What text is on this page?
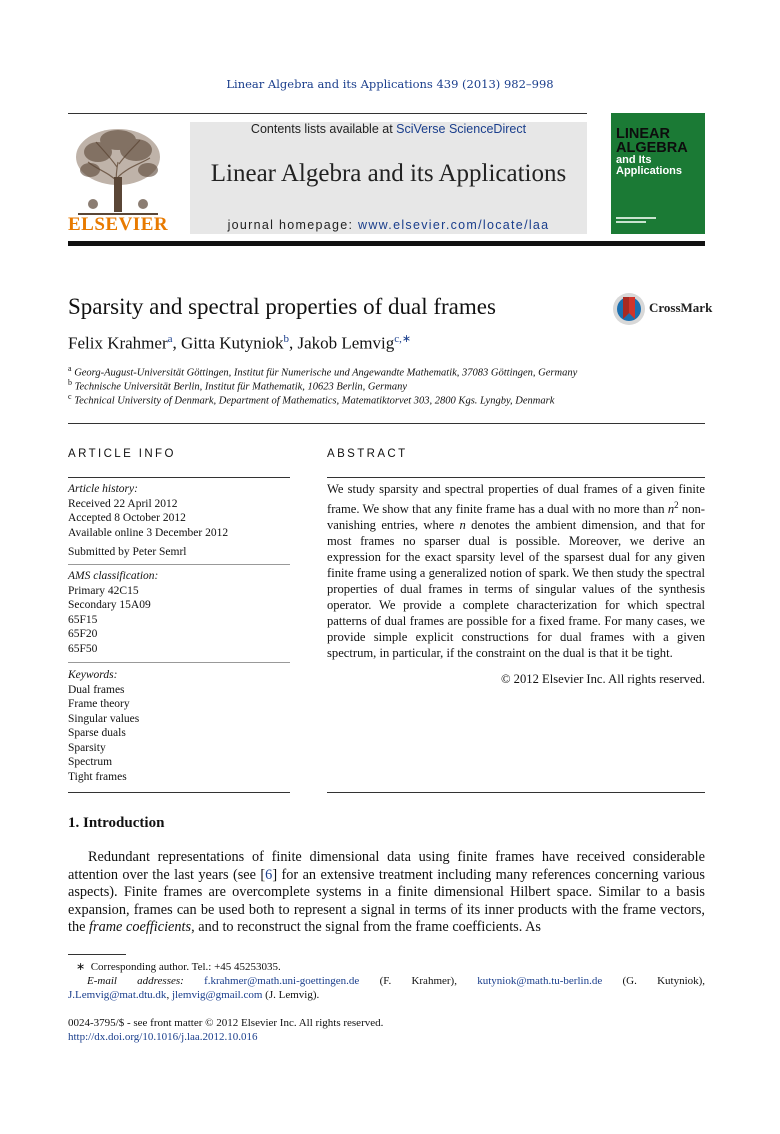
Linear Algebra and its Applications 439 (2013) 982–998
ELSEVIER
Contents lists available at SciVerse ScienceDirect
Linear Algebra and its Applications
journal homepage: www.elsevier.com/locate/laa
LINEAR
ALGEBRA
and Its
Applications
Sparsity and spectral properties of dual frames	CrossMark
Felix Krahmer$^a$, Gitta Kutyniok$^b$, Jakob Lemvig$^{c,∗}$
$^a$ Georg-August-Universität Göttingen, Institut für Numerische und Angewandte Mathematik, 37083 Göttingen, Germany
$^b$ Technische Universität Berlin, Institut für Mathematik, 10623 Berlin, Germany
$^c$ Technical University of Denmark, Department of Mathematics, Matematiktorvet 303, 2800 Kgs. Lyngby, Denmark
ARTICLE INFO
Article history:
Received 22 April 2012
Accepted 8 October 2012
Available online 3 December 2012
Submitted by Peter Semrl
AMS classification:
Primary 42C15
Secondary 15A09
65F15
65F20
65F50
Keywords:
Dual frames
Frame theory
Singular values
Sparse duals
Sparsity
Spectrum
Tight frames
ABSTRACT
We study sparsity and spectral properties of dual frames of a given finite frame. We show that any finite frame has a dual with no more than $n^2$ non-vanishing entries, where n denotes the ambient dimension, and that for most frames no sparser dual is possible. Moreover, we derive an expression for the exact sparsity level of the sparsest dual for any given finite frame using a generalized notion of spark. We then study the spectral properties of dual frames in terms of singular values of the synthesis operator. We provide a complete characterization for which spectral patterns of dual frames are possible for a fixed frame. For many cases, we provide simple explicit constructions for dual frames with a given spectrum, in particular, if the constraint on the dual is that it be tight.
© 2012 Elsevier Inc. All rights reserved.
1. Introduction
Redundant representations of finite dimensional data using finite frames have received considerable attention over the last years (see [6] for an extensive treatment including many references concerning various aspects). Finite frames are overcomplete systems in a finite dimensional Hilbert space. Similar to a basis expansion, frames can be used both to represent a signal in terms of its inner products with the frame vectors, the frame coefficients, and to reconstruct the signal from the frame coefficients. As
∗ Corresponding author. Tel.: +45 45253035.
E-mail addresses: f.krahmer@math.uni-goettingen.de (F. Krahmer), kutyniok@math.tu-berlin.de (G. Kutyniok),
J.Lemvig@mat.dtu.dk, jlemvig@gmail.com (J. Lemvig).
0024-3795/$ - see front matter © 2012 Elsevier Inc. All rights reserved.
http://dx.doi.org/10.1016/j.laa.2012.10.016
